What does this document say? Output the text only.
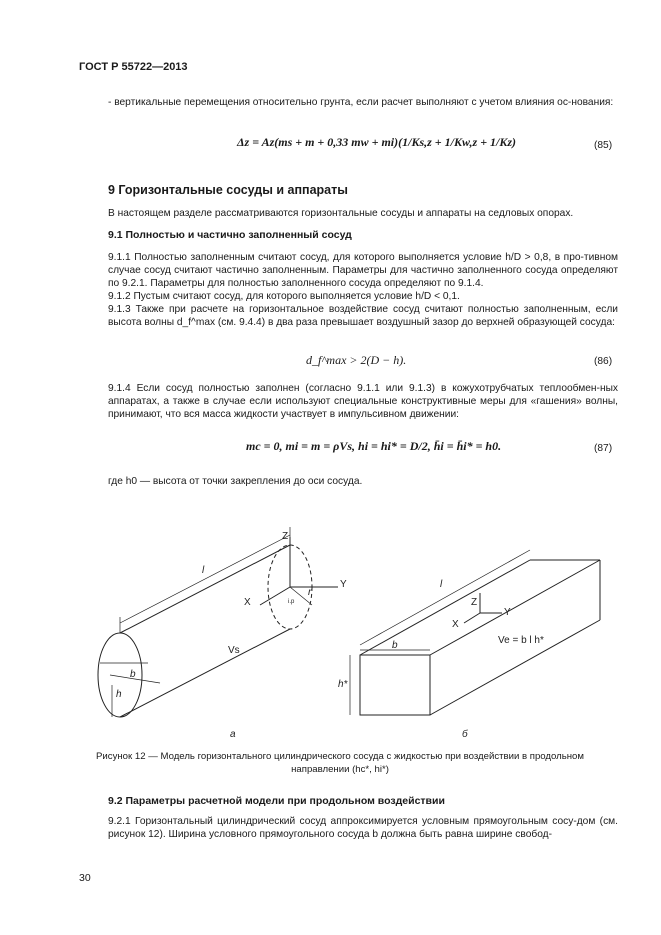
ГОСТ Р 55722—2013
- вертикальные перемещения относительно грунта, если расчет выполняют с учетом влияния ос-нования:
Δz = Az(ms + m + 0,33 mw + mi)(1/Ks,z + 1/Kw,z + 1/Kz)	(85)
9 Горизонтальные сосуды и аппараты
В настоящем разделе рассматриваются горизонтальные сосуды и аппараты на седловых опорах.
9.1 Полностью и частично заполненный сосуд
9.1.1 Полностью заполненным считают сосуд, для которого выполняется условие h/D > 0,8, в про-тивном случае сосуд считают частично заполненным. Параметры для частично заполненного сосуда определяют по 9.2.1. Параметры для полностью заполненного сосуда определяют по 9.1.4.
9.1.2 Пустым считают сосуд, для которого выполняется условие h/D < 0,1.
9.1.3 Также при расчете на горизонтальное воздействие сосуд считают полностью заполненным, если высота волны d_f^max (см. 9.4.4) в два раза превышает воздушный зазор до верхней образующей сосуда:
d_f^max > 2(D − h).	(86)
9.1.4 Если сосуд полностью заполнен (согласно 9.1.1 или 9.1.3) в кожухотрубчатых теплообмен-ных аппаратах, а также в случае если используют специальные конструктивные меры для «гашения» волны, принимают, что вся масса жидкости участвует в импульсивном движении:
mc = 0, mi = m = ρVs, hi = hi* = D/2, h̄i = h̄i* = h0.	(87)
где h0 — высота от точки закрепления до оси сосуда.
l
Z
Y
X
r
i.p
Vs
b
h
а
l
Z
Y
X
Ve = b l h*
b
h*
б
Рисунок 12 — Модель горизонтального цилиндрического сосуда с жидкостью при воздействии в продольном направлении (hc*, hi*)
9.2 Параметры расчетной модели при продольном воздействии
9.2.1 Горизонтальный цилиндрический сосуд аппроксимируется условным прямоугольным сосу-дом (см. рисунок 12). Ширина условного прямоугольного сосуда b должна быть равна ширине свобод-
30
